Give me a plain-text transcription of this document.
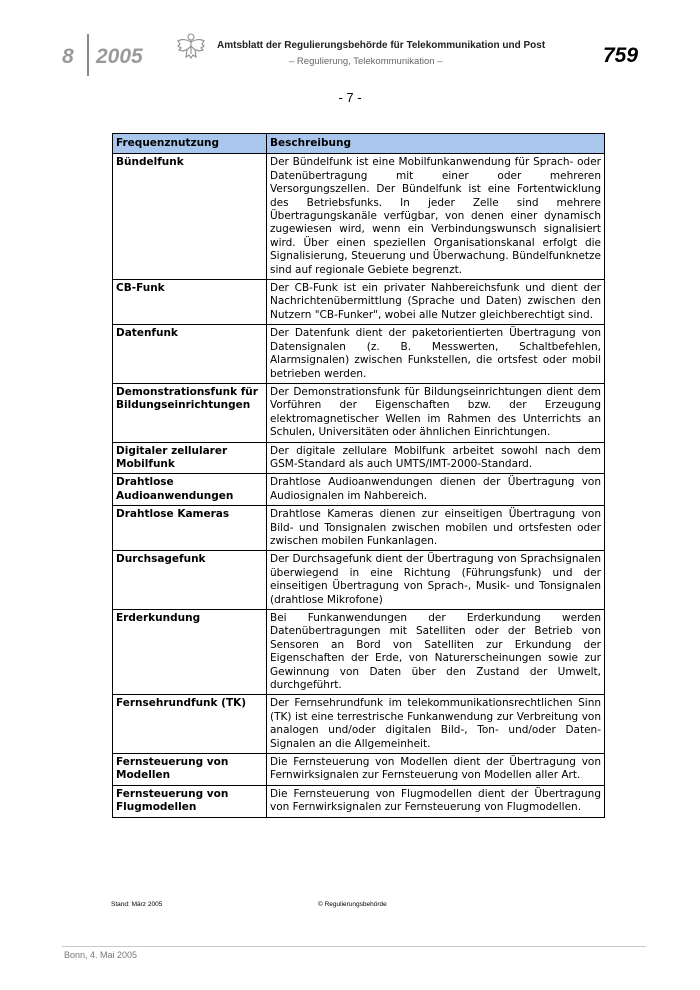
8 2005	Amtsblatt der Regulierungsbehörde für Telekommunikation und Post
– Regulierung, Telekommunikation –	759
- 7 -
Frequenznutzung	Beschreibung
Bündelfunk	Der Bündelfunk ist eine Mobilfunkanwendung für Sprach- oder Datenübertragung mit einer oder mehreren Versorgungszellen. Der Bündelfunk ist eine Fortentwicklung des Betriebsfunks. In jeder Zelle sind mehrere Übertragungskanäle verfügbar, von denen einer dynamisch zugewiesen wird, wenn ein Verbindungswunsch signalisiert wird. Über einen speziellen Organisationskanal erfolgt die Signalisierung, Steuerung und Überwachung. Bündelfunknetze sind auf regionale Gebiete begrenzt.
CB-Funk	Der CB-Funk ist ein privater Nahbereichsfunk und dient der Nachrichtenübermittlung (Sprache und Daten) zwischen den Nutzern "CB-Funker", wobei alle Nutzer gleichberechtigt sind.
Datenfunk	Der Datenfunk dient der paketorientierten Übertragung von Datensignalen (z. B. Messwerten, Schaltbefehlen, Alarmsignalen) zwischen Funkstellen, die ortsfest oder mobil betrieben werden.
Demonstrationsfunk für Bildungseinrichtungen	Der Demonstrationsfunk für Bildungseinrichtungen dient dem Vorführen der Eigenschaften bzw. der Erzeugung elektromagnetischer Wellen im Rahmen des Unterrichts an Schulen, Universitäten oder ähnlichen Einrichtungen.
Digitaler zellularer Mobilfunk	Der digitale zellulare Mobilfunk arbeitet sowohl nach dem GSM-Standard als auch UMTS/IMT-2000-Standard.
Drahtlose Audioanwendungen	Drahtlose Audioanwendungen dienen der Übertragung von Audiosignalen im Nahbereich.
Drahtlose Kameras	Drahtlose Kameras dienen zur einseitigen Übertragung von Bild- und Tonsignalen zwischen mobilen und ortsfesten oder zwischen mobilen Funkanlagen.
Durchsagefunk	Der Durchsagefunk dient der Übertragung von Sprachsignalen überwiegend in eine Richtung (Führungsfunk) und der einseitigen Übertragung von Sprach-, Musik- und Tonsignalen (drahtlose Mikrofone)
Erderkundung	Bei Funkanwendungen der Erderkundung werden Datenübertragungen mit Satelliten oder der Betrieb von Sensoren an Bord von Satelliten zur Erkundung der Eigenschaften der Erde, von Naturerscheinungen sowie zur Gewinnung von Daten über den Zustand der Umwelt, durchgeführt.
Fernsehrundfunk (TK)	Der Fernsehrundfunk im telekommunikationsrechtlichen Sinn (TK) ist eine terrestrische Funkanwendung zur Verbreitung von analogen und/oder digitalen Bild-, Ton- und/oder Daten-Signalen an die Allgemeinheit.
Fernsteuerung von Modellen	Die Fernsteuerung von Modellen dient der Übertragung von Fernwirksignalen zur Fernsteuerung von Modellen aller Art.
Fernsteuerung von Flugmodellen	Die Fernsteuerung von Flugmodellen dient der Übertragung von Fernwirksignalen zur Fernsteuerung von Flugmodellen.
Stand: März 2005	© Regulierungsbehörde
Bonn, 4. Mai 2005
